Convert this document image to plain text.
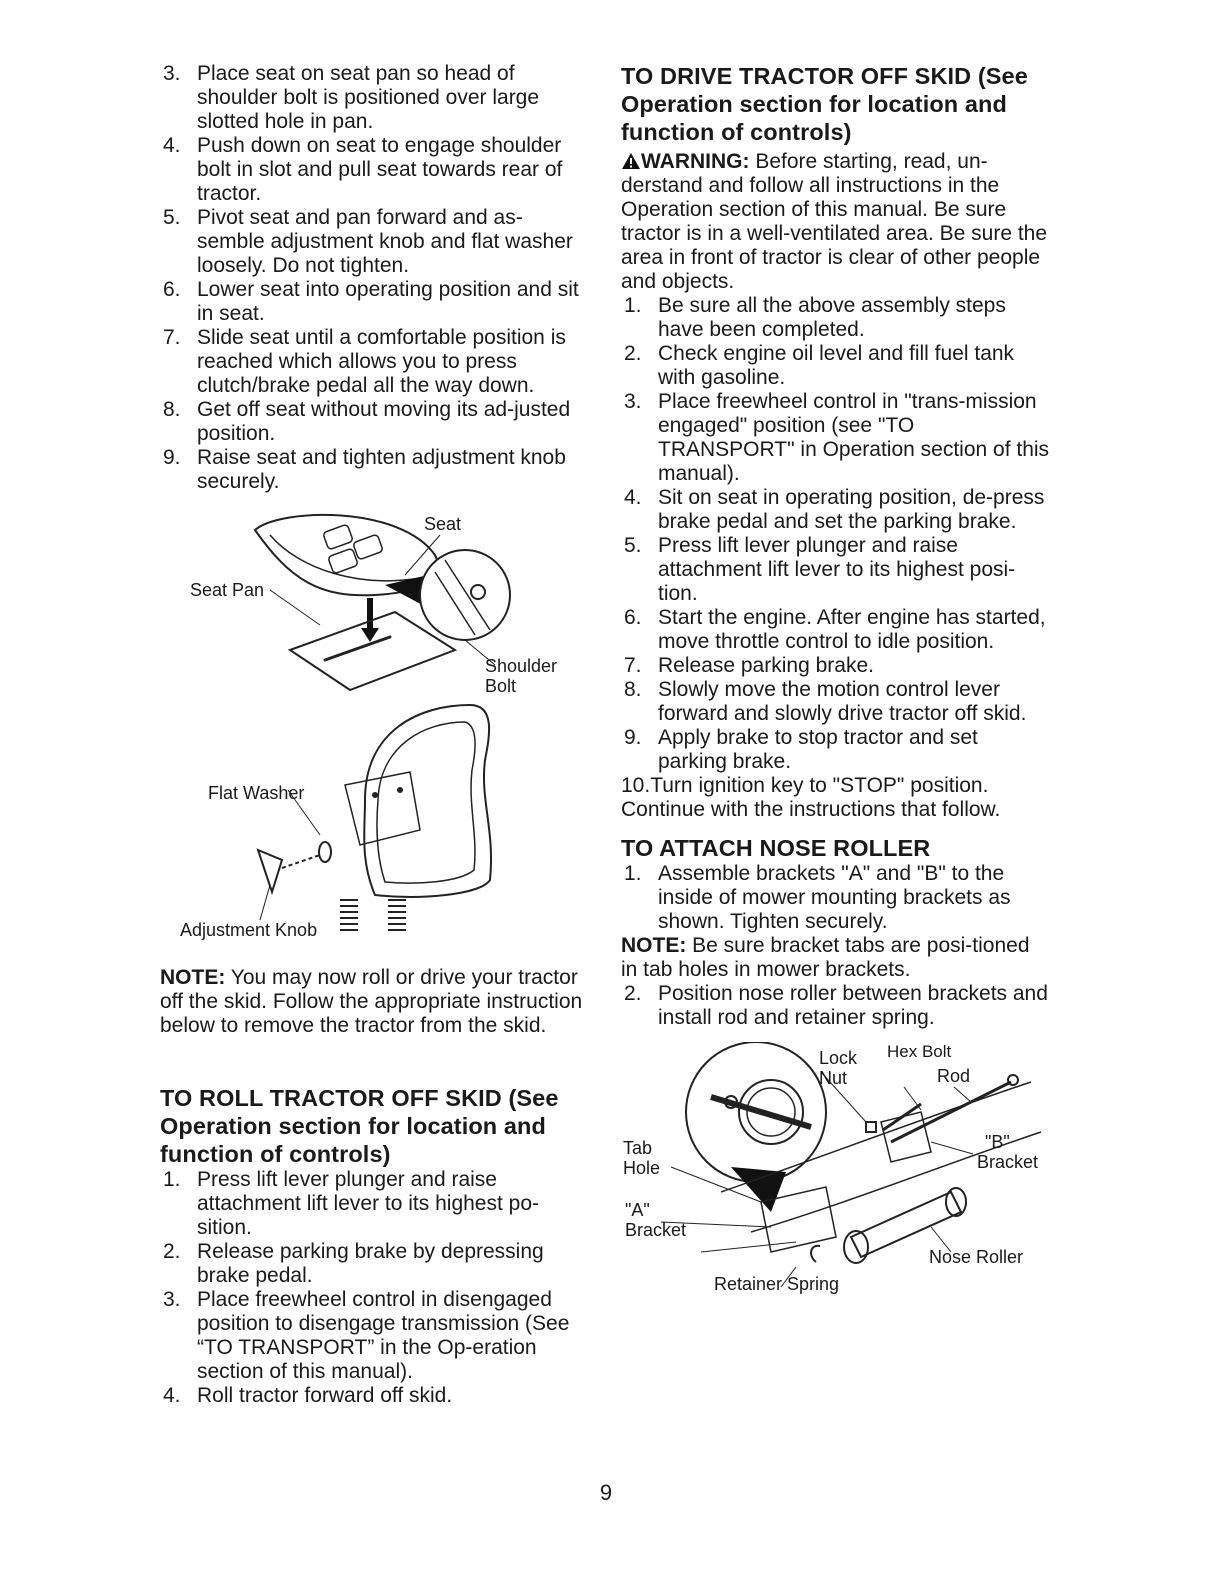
3. Place seat on seat pan so head of shoulder bolt is positioned over large slotted hole in pan.
4. Push down on seat to engage shoulder bolt in slot and pull seat towards rear of tractor.
5. Pivot seat and pan forward and as-semble adjustment knob and flat washer loosely. Do not tighten.
6. Lower seat into operating position and sit in seat.
7. Slide seat until a comfortable position is reached which allows you to press clutch/brake pedal all the way down.
8. Get off seat without moving its ad-justed position.
9. Raise seat and tighten adjustment knob securely.
Seat
Seat Pan
Shoulder
Bolt
Flat Washer
Adjustment Knob

NOTE: You may now roll or drive your tractor off the skid. Follow the appropriate instruction below to remove the tractor from the skid.

TO ROLL TRACTOR OFF SKID (See Operation section for location and function of controls)
1. Press lift lever plunger and raise attachment lift lever to its highest po-sition.
2. Release parking brake by depressing brake pedal.
3. Place freewheel control in disengaged position to disengage transmission (See “TO TRANSPORT” in the Op-eration section of this manual).
4. Roll tractor forward off skid.
TO DRIVE TRACTOR OFF SKID (See Operation section for location and function of controls)

WARNING: Before starting, read, un-derstand and follow all instructions in the Operation section of this manual. Be sure tractor is in a well-ventilated area. Be sure the area in front of tractor is clear of other people and objects.

1. Be sure all the above assembly steps have been completed.
2. Check engine oil level and fill fuel tank with gasoline.
3. Place freewheel control in "trans-mission engaged" position (see "TO TRANSPORT" in Operation section of this manual).
4. Sit on seat in operating position, de-press brake pedal and set the parking brake.
5. Press lift lever plunger and raise attachment lift lever to its highest posi-tion.
6. Start the engine. After engine has started, move throttle control to idle position.
7. Release parking brake.
8. Slowly move the motion control lever forward and slowly drive tractor off skid.
9. Apply brake to stop tractor and set parking brake.
10.Turn ignition key to "STOP" position.

Continue with the instructions that follow.

TO ATTACH NOSE ROLLER
1. Assemble brackets "A" and "B" to the inside of mower mounting brackets as shown. Tighten securely.

NOTE: Be sure bracket tabs are posi-tioned in tab holes in mower brackets.

2. Position nose roller between brackets and install rod and retainer spring.
Lock
Nut
Hex Bolt
Rod
Tab
Hole
"B"
Bracket
"A"
Bracket
Nose Roller
Retainer Spring
9
